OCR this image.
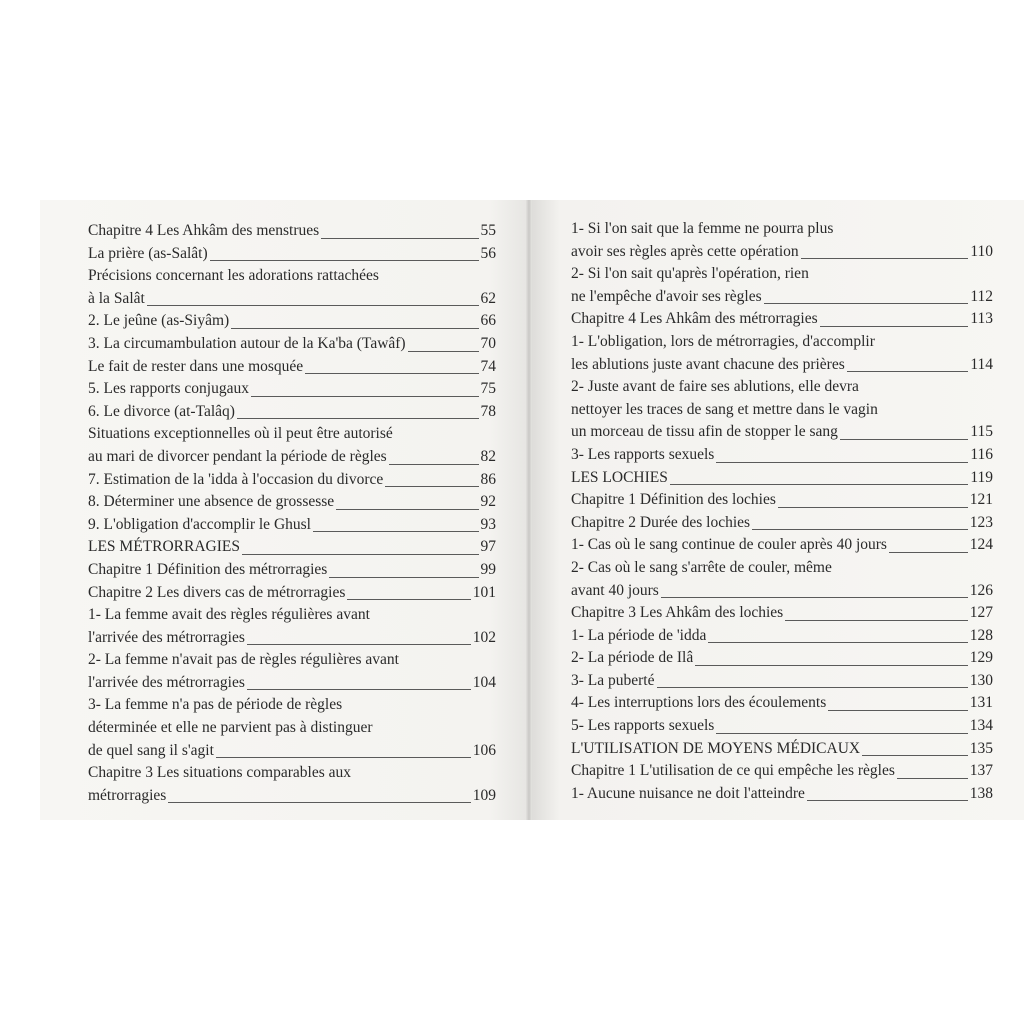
Chapitre 4 Les Ahkâm des menstrues	55
La prière (as-Salât)	56
Précisions concernant les adorations rattachées
à la Salât	62
2. Le jeûne (as-Siyâm)	66
3. La circumambulation autour de la Ka'ba (Tawâf)	70
Le fait de rester dans une mosquée	74
5. Les rapports conjugaux	75
6. Le divorce (at-Talâq)	78
Situations exceptionnelles où il peut être autorisé
au mari de divorcer pendant la période de règles	82
7. Estimation de la 'idda à l'occasion du divorce	86
8. Déterminer une absence de grossesse	92
9. L'obligation d'accomplir le Ghusl	93
LES MÉTRORRAGIES	97
Chapitre 1 Définition des métrorragies	99
Chapitre 2 Les divers cas de métrorragies	101
1- La femme avait des règles régulières avant
l'arrivée des métrorragies	102
2- La femme n'avait pas de règles régulières avant
l'arrivée des métrorragies	104
3- La femme n'a pas de période de règles
déterminée et elle ne parvient pas à distinguer
de quel sang il s'agit	106
Chapitre 3 Les situations comparables aux
métrorragies	109
1- Si l'on sait que la femme ne pourra plus
avoir ses règles après cette opération	110
2- Si l'on sait qu'après l'opération, rien
ne l'empêche d'avoir ses règles	112
Chapitre 4 Les Ahkâm des métrorragies	113
1- L'obligation, lors de métrorragies, d'accomplir
les ablutions juste avant chacune des prières	114
2- Juste avant de faire ses ablutions, elle devra
nettoyer les traces de sang et mettre dans le vagin
un morceau de tissu afin de stopper le sang	115
3- Les rapports sexuels	116
LES LOCHIES	119
Chapitre 1 Définition des lochies	121
Chapitre 2 Durée des lochies	123
1- Cas où le sang continue de couler après 40 jours	124
2- Cas où le sang s'arrête de couler, même
avant 40 jours	126
Chapitre 3 Les Ahkâm des lochies	127
1- La période de 'idda	128
2- La période de Ilâ	129
3- La puberté	130
4- Les interruptions lors des écoulements	131
5- Les rapports sexuels	134
L'UTILISATION DE MOYENS MÉDICAUX	135
Chapitre 1 L'utilisation de ce qui empêche les règles	137
1- Aucune nuisance ne doit l'atteindre	138
